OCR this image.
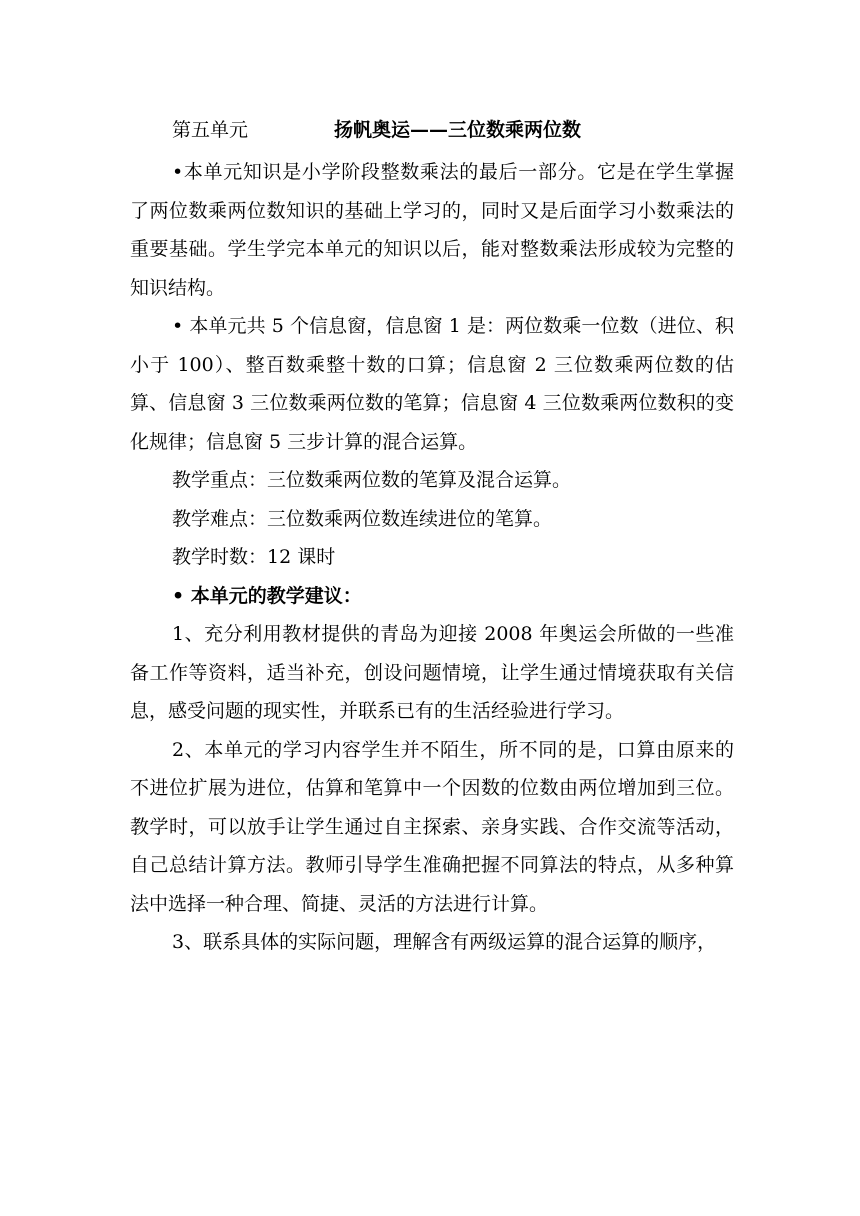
第五单元	扬帆奥运——三位数乘两位数

•本单元知识是小学阶段整数乘法的最后一部分。它是在学生掌握了两位数乘两位数知识的基础上学习的，同时又是后面学习小数乘法的重要基础。学生学完本单元的知识以后，能对整数乘法形成较为完整的知识结构。

• 本单元共 5 个信息窗，信息窗 1 是：两位数乘一位数（进位、积小于 100）、整百数乘整十数的口算；信息窗 2 三位数乘两位数的估算、信息窗 3 三位数乘两位数的笔算；信息窗 4 三位数乘两位数积的变化规律；信息窗 5 三步计算的混合运算。

教学重点：三位数乘两位数的笔算及混合运算。

教学难点：三位数乘两位数连续进位的笔算。

教学时数：12 课时

• 本单元的教学建议：

1、充分利用教材提供的青岛为迎接 2008 年奥运会所做的一些准备工作等资料，适当补充，创设问题情境，让学生通过情境获取有关信息，感受问题的现实性，并联系已有的生活经验进行学习。

2、本单元的学习内容学生并不陌生，所不同的是，口算由原来的不进位扩展为进位，估算和笔算中一个因数的位数由两位增加到三位。教学时，可以放手让学生通过自主探索、亲身实践、合作交流等活动，自己总结计算方法。教师引导学生准确把握不同算法的特点，从多种算法中选择一种合理、简捷、灵活的方法进行计算。

3、联系具体的实际问题，理解含有两级运算的混合运算的顺序，
